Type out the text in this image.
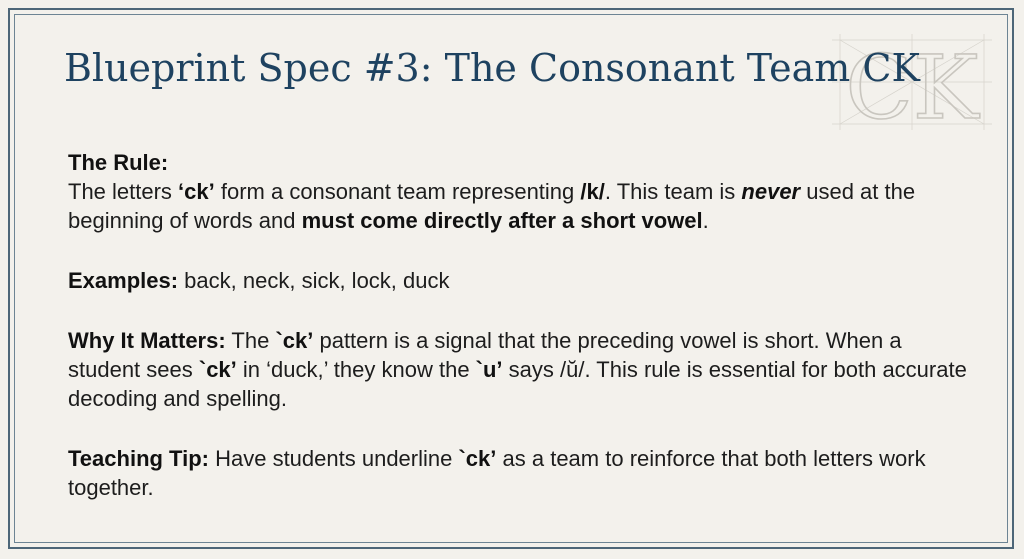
CK
Blueprint Spec #3: The Consonant Team CK

The Rule:
The letters ‘ck’ form a consonant team representing /k/. This team is never used at the beginning of words and must come directly after a short vowel.

Examples: back, neck, sick, lock, duck

Why It Matters: The `ck’ pattern is a signal that the preceding vowel is short. When a student sees `ck’ in ‘duck,’ they know the `u’ says /ŭ/. This rule is essential for both accurate decoding and spelling.

Teaching Tip: Have students underline `ck’ as a team to reinforce that both letters work together.
